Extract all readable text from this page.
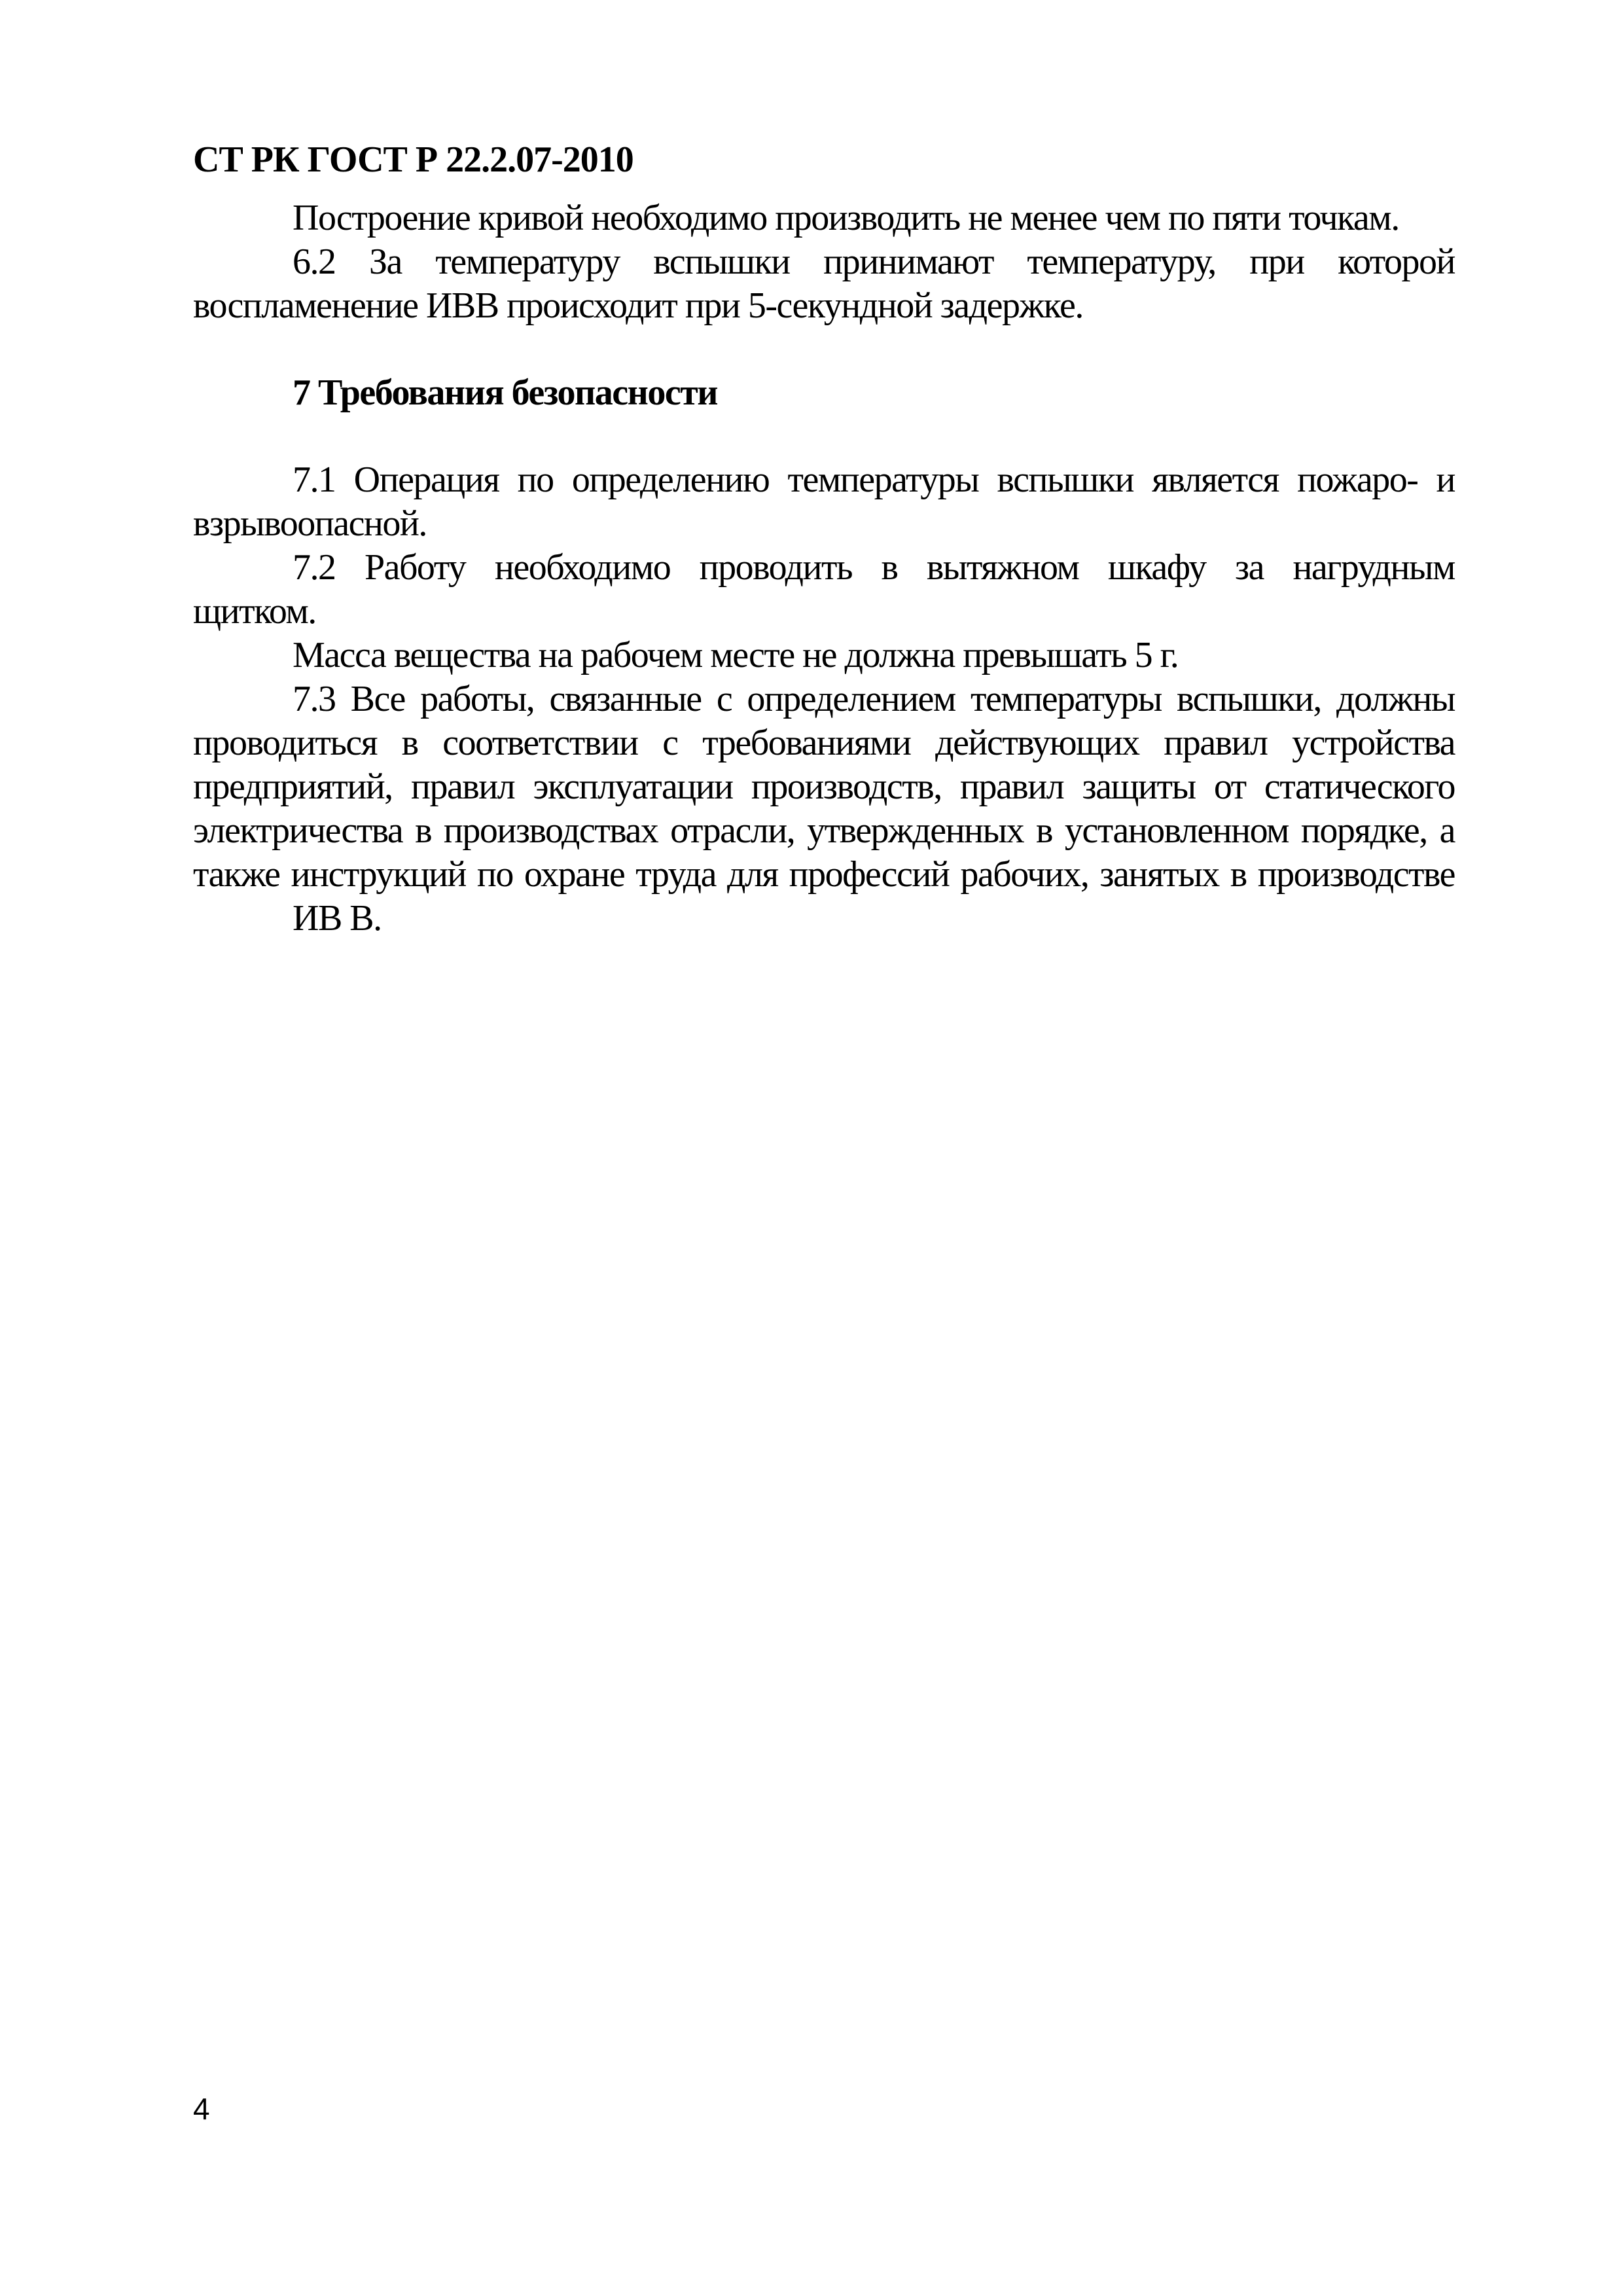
СТ РК ГОСТ Р 22.2.07-2010
Построение кривой необходимо производить не менее чем по пяти точкам.
6.2 За температуру вспышки принимают температуру, при которой
воспламенение ИВВ происходит при 5-секундной задержке.
7 Требования безопасности
7.1 Операция по определению температуры вспышки является пожаро- и
взрывоопасной.
7.2 Работу необходимо проводить в вытяжном шкафу за нагрудным
щитком.
Масса вещества на рабочем месте не должна превышать 5 г.
7.3 Все работы, связанные с определением температуры вспышки, должны
проводиться в соответствии с требованиями действующих правил устройства
предприятий, правил эксплуатации производств, правил защиты от статического
электричества в производствах отрасли, утвержденных в установленном порядке, а
также инструкций по охране труда для профессий рабочих, занятых в производстве
ИВ В.
4
